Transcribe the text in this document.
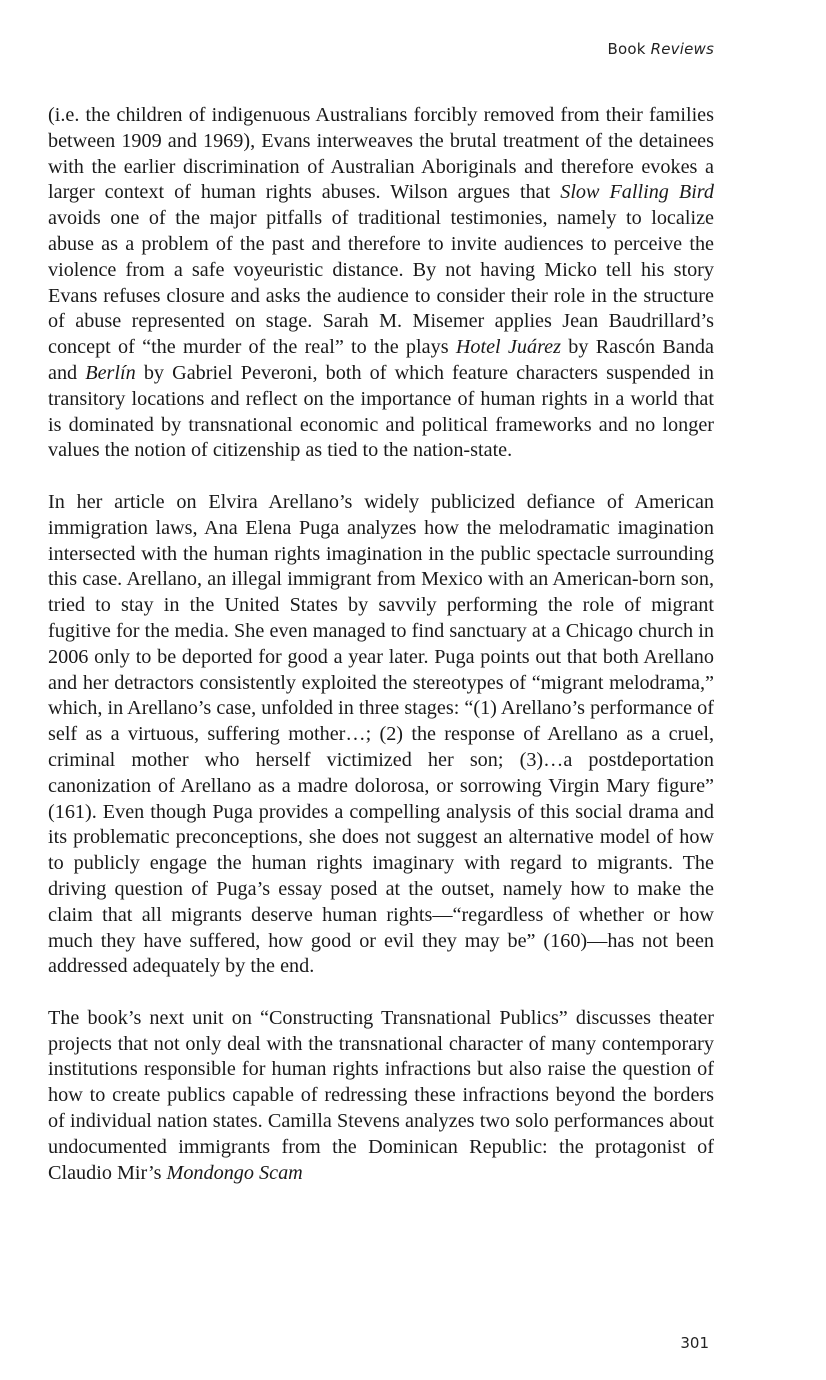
Book Reviews

(i.e. the children of indigenuous Australians forcibly removed from their families between 1909 and 1969), Evans interweaves the brutal treatment of the detainees with the earlier discrimination of Australian Aboriginals and therefore evokes a larger context of human rights abuses. Wilson argues that Slow Falling Bird avoids one of the major pitfalls of traditional testimonies, namely to localize abuse as a problem of the past and therefore to invite audiences to perceive the violence from a safe voyeuristic distance. By not having Micko tell his story Evans refuses closure and asks the audience to consider their role in the structure of abuse represented on stage. Sarah M. Misemer applies Jean Baudrillard’s concept of “the murder of the real” to the plays Hotel Juárez by Rascón Banda and Berlín by Gabriel Peveroni, both of which feature characters suspended in transitory locations and reflect on the importance of human rights in a world that is dominated by transnational economic and political frameworks and no longer values the notion of citizenship as tied to the nation-state.

In her article on Elvira Arellano’s widely publicized defiance of American immigration laws, Ana Elena Puga analyzes how the melodramatic imagination intersected with the human rights imagination in the public spectacle surrounding this case. Arellano, an illegal immigrant from Mexico with an American-born son, tried to stay in the United States by savvily performing the role of migrant fugitive for the media. She even managed to find sanctuary at a Chicago church in 2006 only to be deported for good a year later. Puga points out that both Arellano and her detractors consistently exploited the stereotypes of “migrant melodrama,” which, in Arellano’s case, unfolded in three stages: “(1) Arellano’s performance of self as a virtuous, suffering mother…; (2) the response of Arellano as a cruel, criminal mother who herself victimized her son; (3)…a postdeportation canonization of Arellano as a madre dolorosa, or sorrowing Virgin Mary figure” (161). Even though Puga provides a compelling analysis of this social drama and its problematic preconceptions, she does not suggest an alternative model of how to publicly engage the human rights imaginary with regard to migrants. The driving question of Puga’s essay posed at the outset, namely how to make the claim that all migrants deserve human rights—“regardless of whether or how much they have suffered, how good or evil they may be” (160)—has not been addressed adequately by the end.

The book’s next unit on “Constructing Transnational Publics” discusses theater projects that not only deal with the transnational character of many contemporary institutions responsible for human rights infractions but also raise the question of how to create publics capable of redressing these infractions beyond the borders of individual nation states. Camilla Stevens analyzes two solo performances about undocumented immigrants from the Dominican Republic: the protagonist of Claudio Mir’s Mondongo Scam

301
